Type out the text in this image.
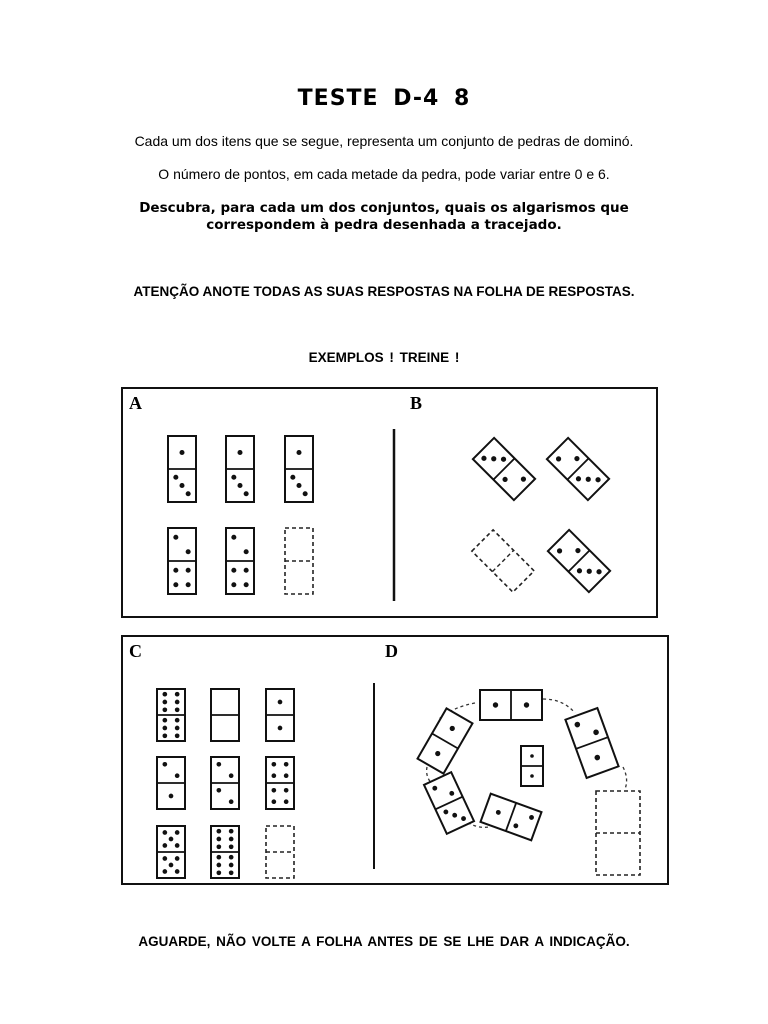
TESTE D-4 8
Cada um dos itens que se segue, representa um conjunto de pedras de dominó.
O número de pontos, em cada metade da pedra, pode variar entre 0 e 6.
Descubra, para cada um dos conjuntos, quais os algarismos que
correspondem à pedra desenhada a tracejado.
ATENÇÃO ANOTE TODAS AS SUAS RESPOSTAS NA FOLHA DE RESPOSTAS.
EXEMPLOS ! TREINE !
A	B
C	D
AGUARDE, NÃO VOLTE A FOLHA ANTES DE SE LHE DAR A INDICAÇÃO.
